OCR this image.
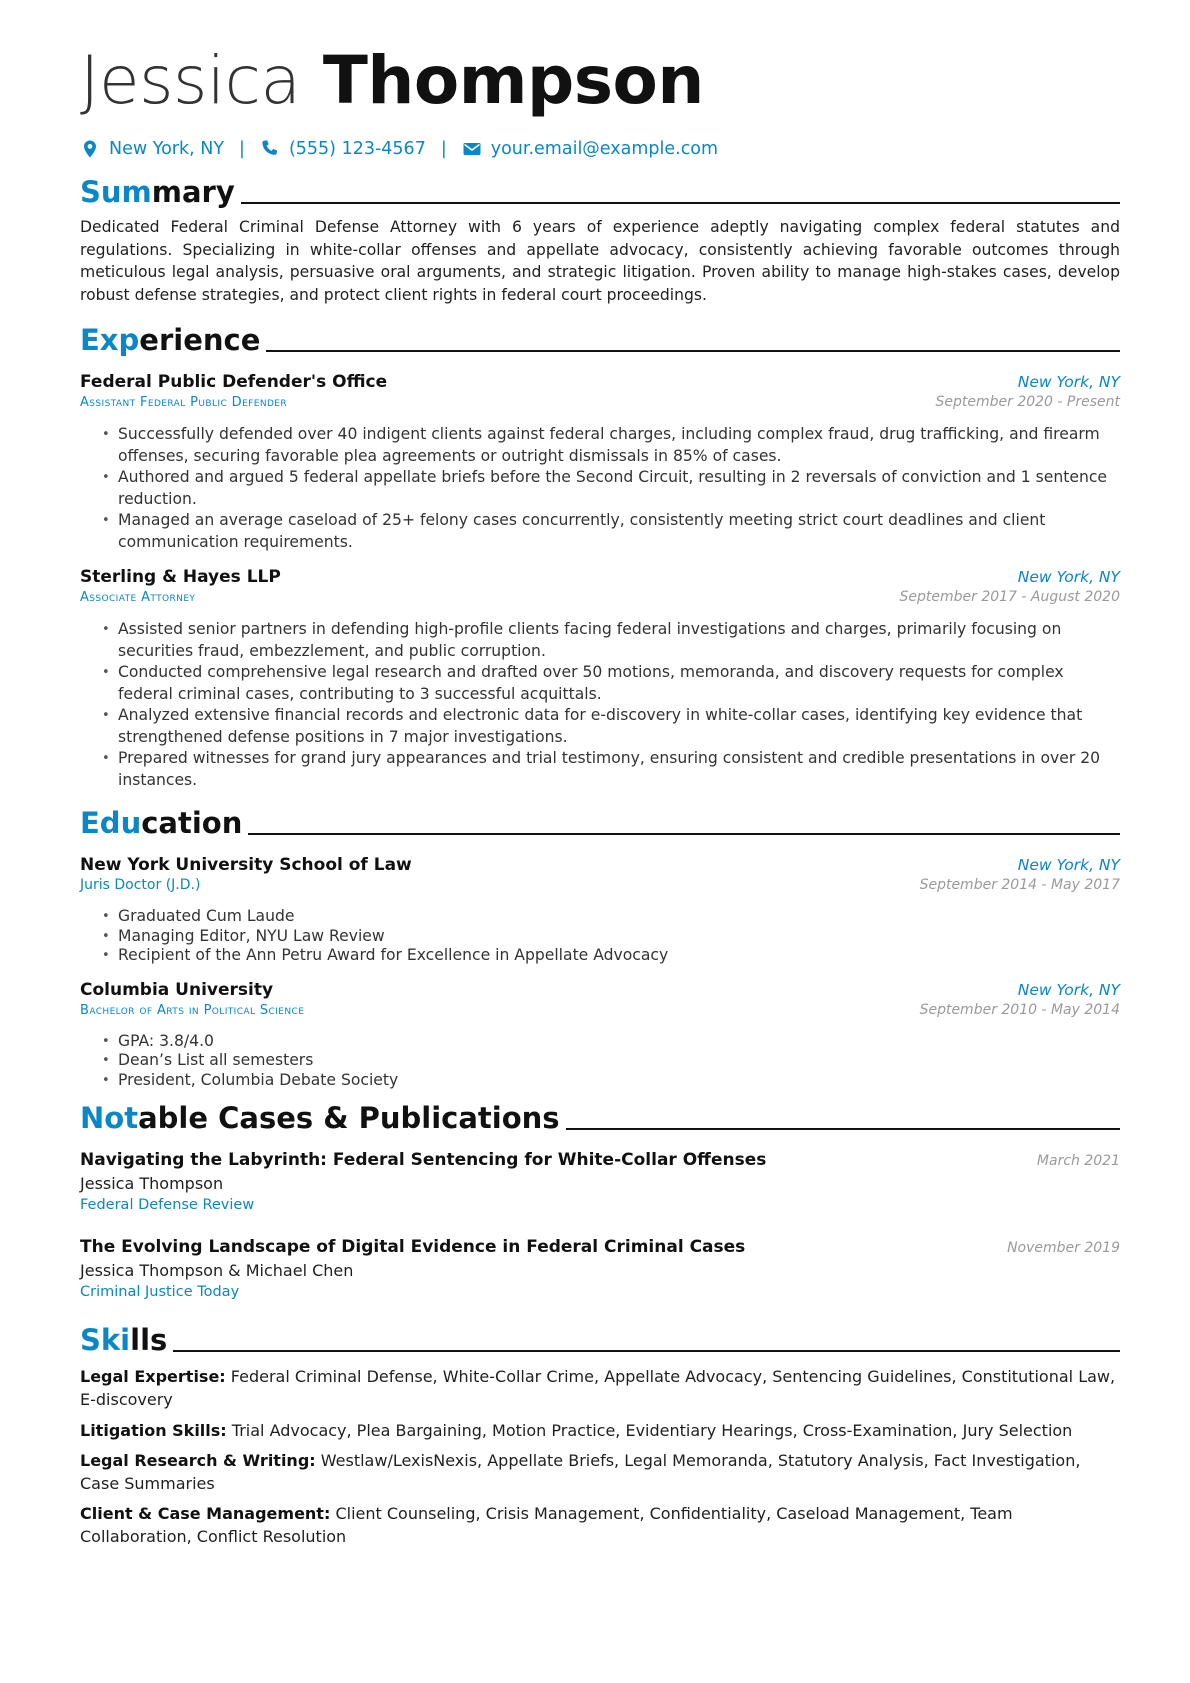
Jessica Thompson
New York, NY |	(555) 123-4567 |	your.email@example.com
Summary
Dedicated Federal Criminal Defense Attorney with 6 years of experience adeptly navigating complex federal statutes and regulations. Specializing in white-collar offenses and appellate advocacy, consistently achieving favorable outcomes through meticulous legal analysis, persuasive oral arguments, and strategic litigation. Proven ability to manage high-stakes cases, develop robust defense strategies, and protect client rights in federal court proceedings.
Experience
Federal Public Defender's Office	New York, NY
Assistant Federal Public Defender	September 2020 - Present
• Successfully defended over 40 indigent clients against federal charges, including complex fraud, drug trafficking, and firearm offenses, securing favorable plea agreements or outright dismissals in 85% of cases.
• Authored and argued 5 federal appellate briefs before the Second Circuit, resulting in 2 reversals of conviction and 1 sentence reduction.
• Managed an average caseload of 25+ felony cases concurrently, consistently meeting strict court deadlines and client communication requirements.
Sterling & Hayes LLP	New York, NY
Associate Attorney	September 2017 - August 2020
• Assisted senior partners in defending high-profile clients facing federal investigations and charges, primarily focusing on securities fraud, embezzlement, and public corruption.
• Conducted comprehensive legal research and drafted over 50 motions, memoranda, and discovery requests for complex federal criminal cases, contributing to 3 successful acquittals.
• Analyzed extensive financial records and electronic data for e-discovery in white-collar cases, identifying key evidence that strengthened defense positions in 7 major investigations.
• Prepared witnesses for grand jury appearances and trial testimony, ensuring consistent and credible presentations in over 20 instances.
Education
New York University School of Law	New York, NY
Juris Doctor (J.D.)	September 2014 - May 2017
• Graduated Cum Laude
• Managing Editor, NYU Law Review
• Recipient of the Ann Petru Award for Excellence in Appellate Advocacy
Columbia University	New York, NY
Bachelor of Arts in Political Science	September 2010 - May 2014
• GPA: 3.8/4.0
• Dean’s List all semesters
• President, Columbia Debate Society
Notable Cases & Publications
Navigating the Labyrinth: Federal Sentencing for White-Collar Offenses	March 2021
Jessica Thompson
Federal Defense Review
The Evolving Landscape of Digital Evidence in Federal Criminal Cases	November 2019
Jessica Thompson & Michael Chen
Criminal Justice Today
Skills
Legal Expertise: Federal Criminal Defense, White-Collar Crime, Appellate Advocacy, Sentencing Guidelines, Constitutional Law, E-discovery
Litigation Skills: Trial Advocacy, Plea Bargaining, Motion Practice, Evidentiary Hearings, Cross-Examination, Jury Selection
Legal Research & Writing: Westlaw/LexisNexis, Appellate Briefs, Legal Memoranda, Statutory Analysis, Fact Investigation, Case Summaries
Client & Case Management: Client Counseling, Crisis Management, Confidentiality, Caseload Management, Team Collaboration, Conflict Resolution
